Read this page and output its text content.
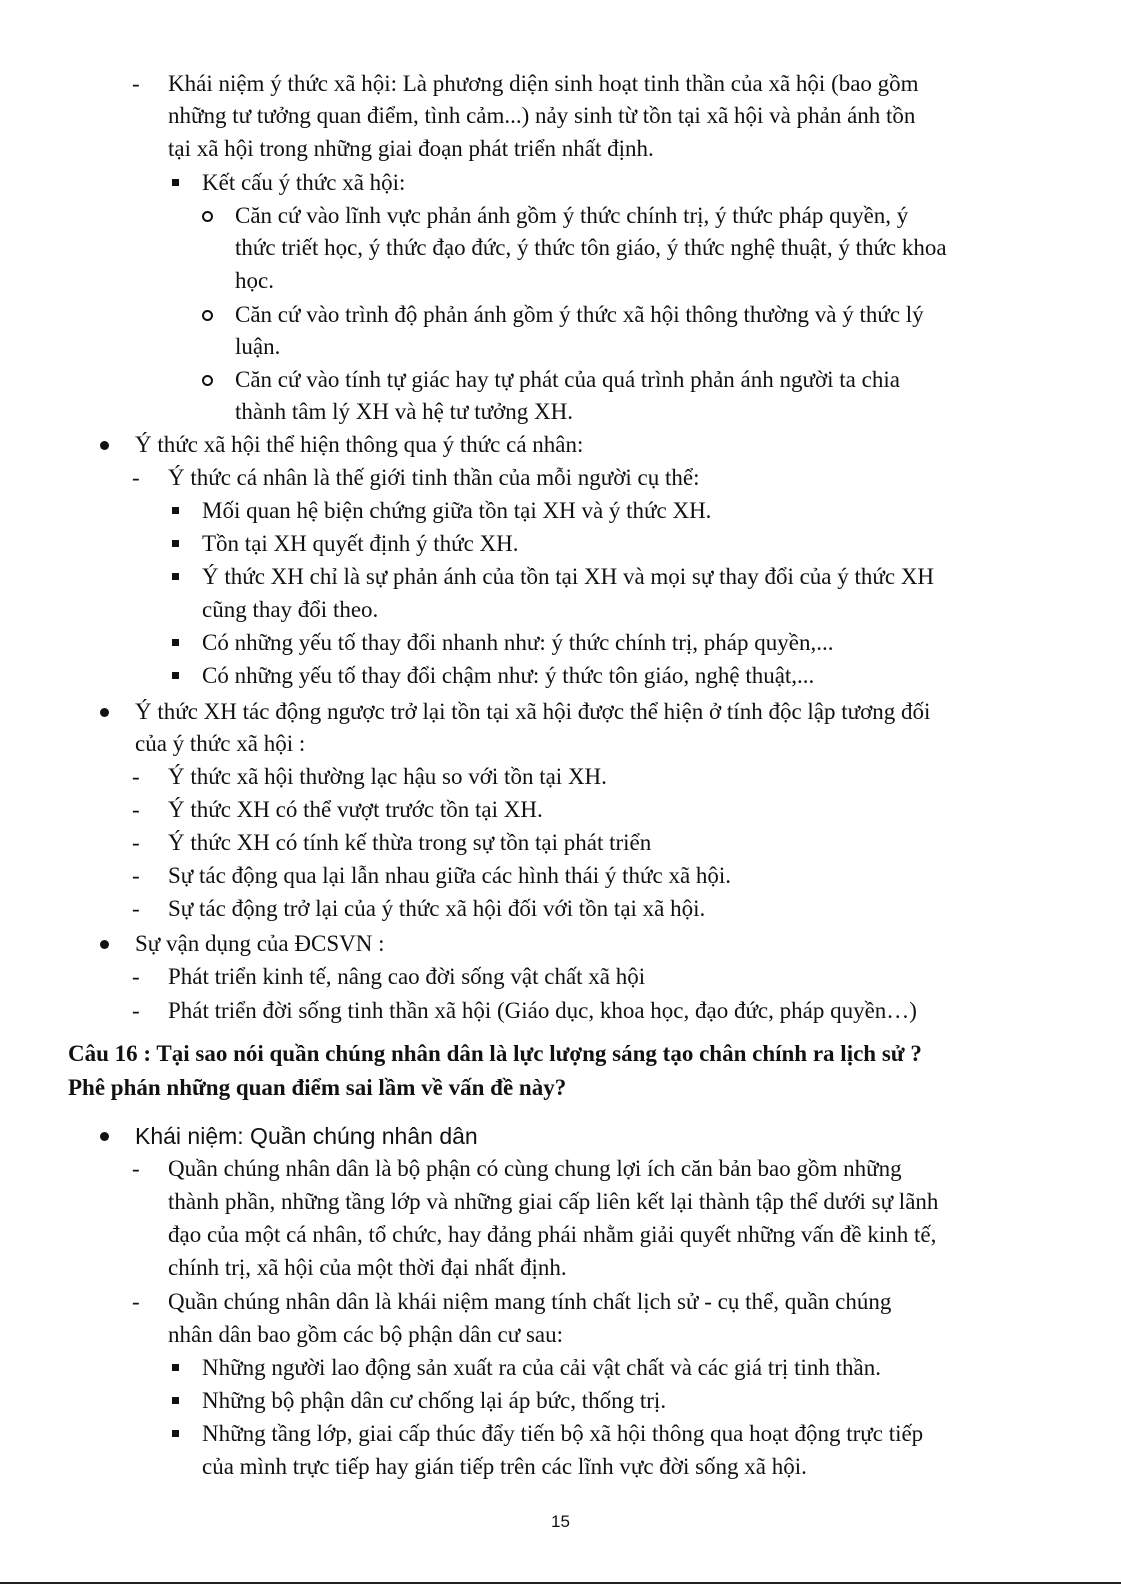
- Khái niệm ý thức xã hội: Là phương diện sinh hoạt tinh thần của xã hội (bao gồm
những tư tưởng quan điểm, tình cảm...) nảy sinh từ tồn tại xã hội và phản ánh tồn
tại xã hội trong những giai đoạn phát triển nhất định.
Kết cấu ý thức xã hội:
Căn cứ vào lĩnh vực phản ánh gồm ý thức chính trị, ý thức pháp quyền, ý
thức triết học, ý thức đạo đức, ý thức tôn giáo, ý thức nghệ thuật, ý thức khoa
học.
Căn cứ vào trình độ phản ánh gồm ý thức xã hội thông thường và ý thức lý
luận.
Căn cứ vào tính tự giác hay tự phát của quá trình phản ánh người ta chia
thành tâm lý XH và hệ tư tưởng XH.
Ý thức xã hội thể hiện thông qua ý thức cá nhân:
- Ý thức cá nhân là thế giới tinh thần của mỗi người cụ thể:
Mối quan hệ biện chứng giữa tồn tại XH và ý thức XH.
Tồn tại XH quyết định ý thức XH.
Ý thức XH chỉ là sự phản ánh của tồn tại XH và mọi sự thay đổi của ý thức XH
cũng thay đổi theo.
Có những yếu tố thay đổi nhanh như: ý thức chính trị, pháp quyền,...
Có những yếu tố thay đổi chậm như: ý thức tôn giáo, nghệ thuật,...
Ý thức XH tác động ngược trở lại tồn tại xã hội được thể hiện ở tính độc lập tương đối
của ý thức xã hội :
- Ý thức xã hội thường lạc hậu so với tồn tại XH.
- Ý thức XH có thể vượt trước tồn tại XH.
- Ý thức XH có tính kế thừa trong sự tồn tại phát triển
- Sự tác động qua lại lẫn nhau giữa các hình thái ý thức xã hội.
- Sự tác động trở lại của ý thức xã hội đối với tồn tại xã hội.
Sự vận dụng của ĐCSVN :
- Phát triển kinh tế, nâng cao đời sống vật chất xã hội
- Phát triển đời sống tinh thần xã hội (Giáo dục, khoa học, đạo đức, pháp quyền…)
Câu 16 : Tại sao nói quần chúng nhân dân là lực lượng sáng tạo chân chính ra lịch sử ?
Phê phán những quan điểm sai lầm về vấn đề này?
Khái niệm: Quần chúng nhân dân
- Quần chúng nhân dân là bộ phận có cùng chung lợi ích căn bản bao gồm những
thành phần, những tầng lớp và những giai cấp liên kết lại thành tập thể dưới sự lãnh
đạo của một cá nhân, tổ chức, hay đảng phái nhằm giải quyết những vấn đề kinh tế,
chính trị, xã hội của một thời đại nhất định.
- Quần chúng nhân dân là khái niệm mang tính chất lịch sử - cụ thể, quần chúng
nhân dân bao gồm các bộ phận dân cư sau:
Những người lao động sản xuất ra của cải vật chất và các giá trị tinh thần.
Những bộ phận dân cư chống lại áp bức, thống trị.
Những tầng lớp, giai cấp thúc đẩy tiến bộ xã hội thông qua hoạt động trực tiếp
của mình trực tiếp hay gián tiếp trên các lĩnh vực đời sống xã hội.
15
